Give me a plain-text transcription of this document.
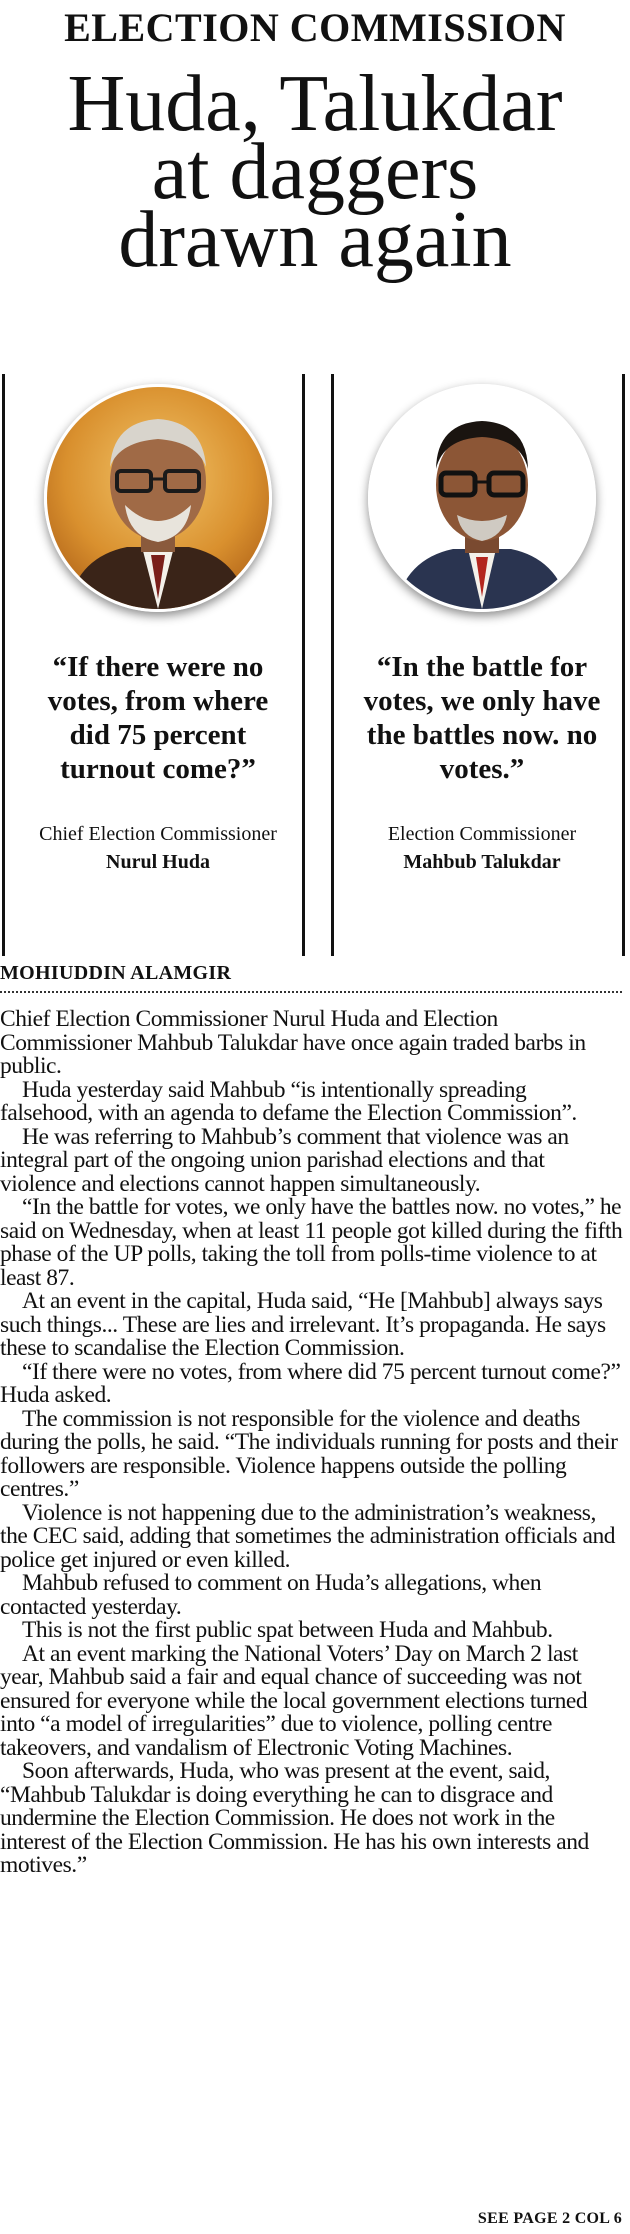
ELECTION COMMISSION
Huda, Talukdar
at daggers
drawn again
“If there were no votes, from where did 75 percent turnout come?”
Chief Election Commissioner
Nurul Huda
“In the battle for votes, we only have the battles now. no votes.”
Election Commissioner
Mahbub Talukdar
MOHIUDDIN ALAMGIR

Chief Election Commissioner Nurul Huda and Election Commissioner Mahbub Talukdar have once again traded barbs in public.

Huda yesterday said Mahbub “is intentionally spreading falsehood, with an agenda to defame the Election Commission”.

He was referring to Mahbub’s comment that violence was an integral part of the ongoing union parishad elections and that violence and elections cannot happen simultaneously.

“In the battle for votes, we only have the battles now. no votes,” he said on Wednesday, when at least 11 people got killed during the fifth phase of the UP polls, taking the toll from polls-time violence to at least 87.

At an event in the capital, Huda said, “He [Mahbub] always says such things... These are lies and irrelevant. It’s propaganda. He says these to scandalise the Election Commission.

“If there were no votes, from where did 75 percent turnout come?” Huda asked.

The commission is not responsible for the violence and deaths during the polls, he said. “The individuals running for posts and their followers are responsible. Violence happens outside the polling centres.”

Violence is not happening due to the administration’s weakness, the CEC said, adding that sometimes the administration officials and police get injured or even killed.

Mahbub refused to comment on Huda’s allegations, when contacted yesterday.

This is not the first public spat between Huda and Mahbub.

At an event marking the National Voters’ Day on March 2 last year, Mahbub said a fair and equal chance of succeeding was not ensured for everyone while the local government elections turned into “a model of irregularities” due to violence, polling centre takeovers, and vandalism of Electronic Voting Machines.

Soon afterwards, Huda, who was present at the event, said, “Mahbub Talukdar is doing everything he can to disgrace and undermine the Election Commission. He does not work in the interest of the Election Commission. He has his own interests and motives.”

SEE PAGE 2 COL 6
